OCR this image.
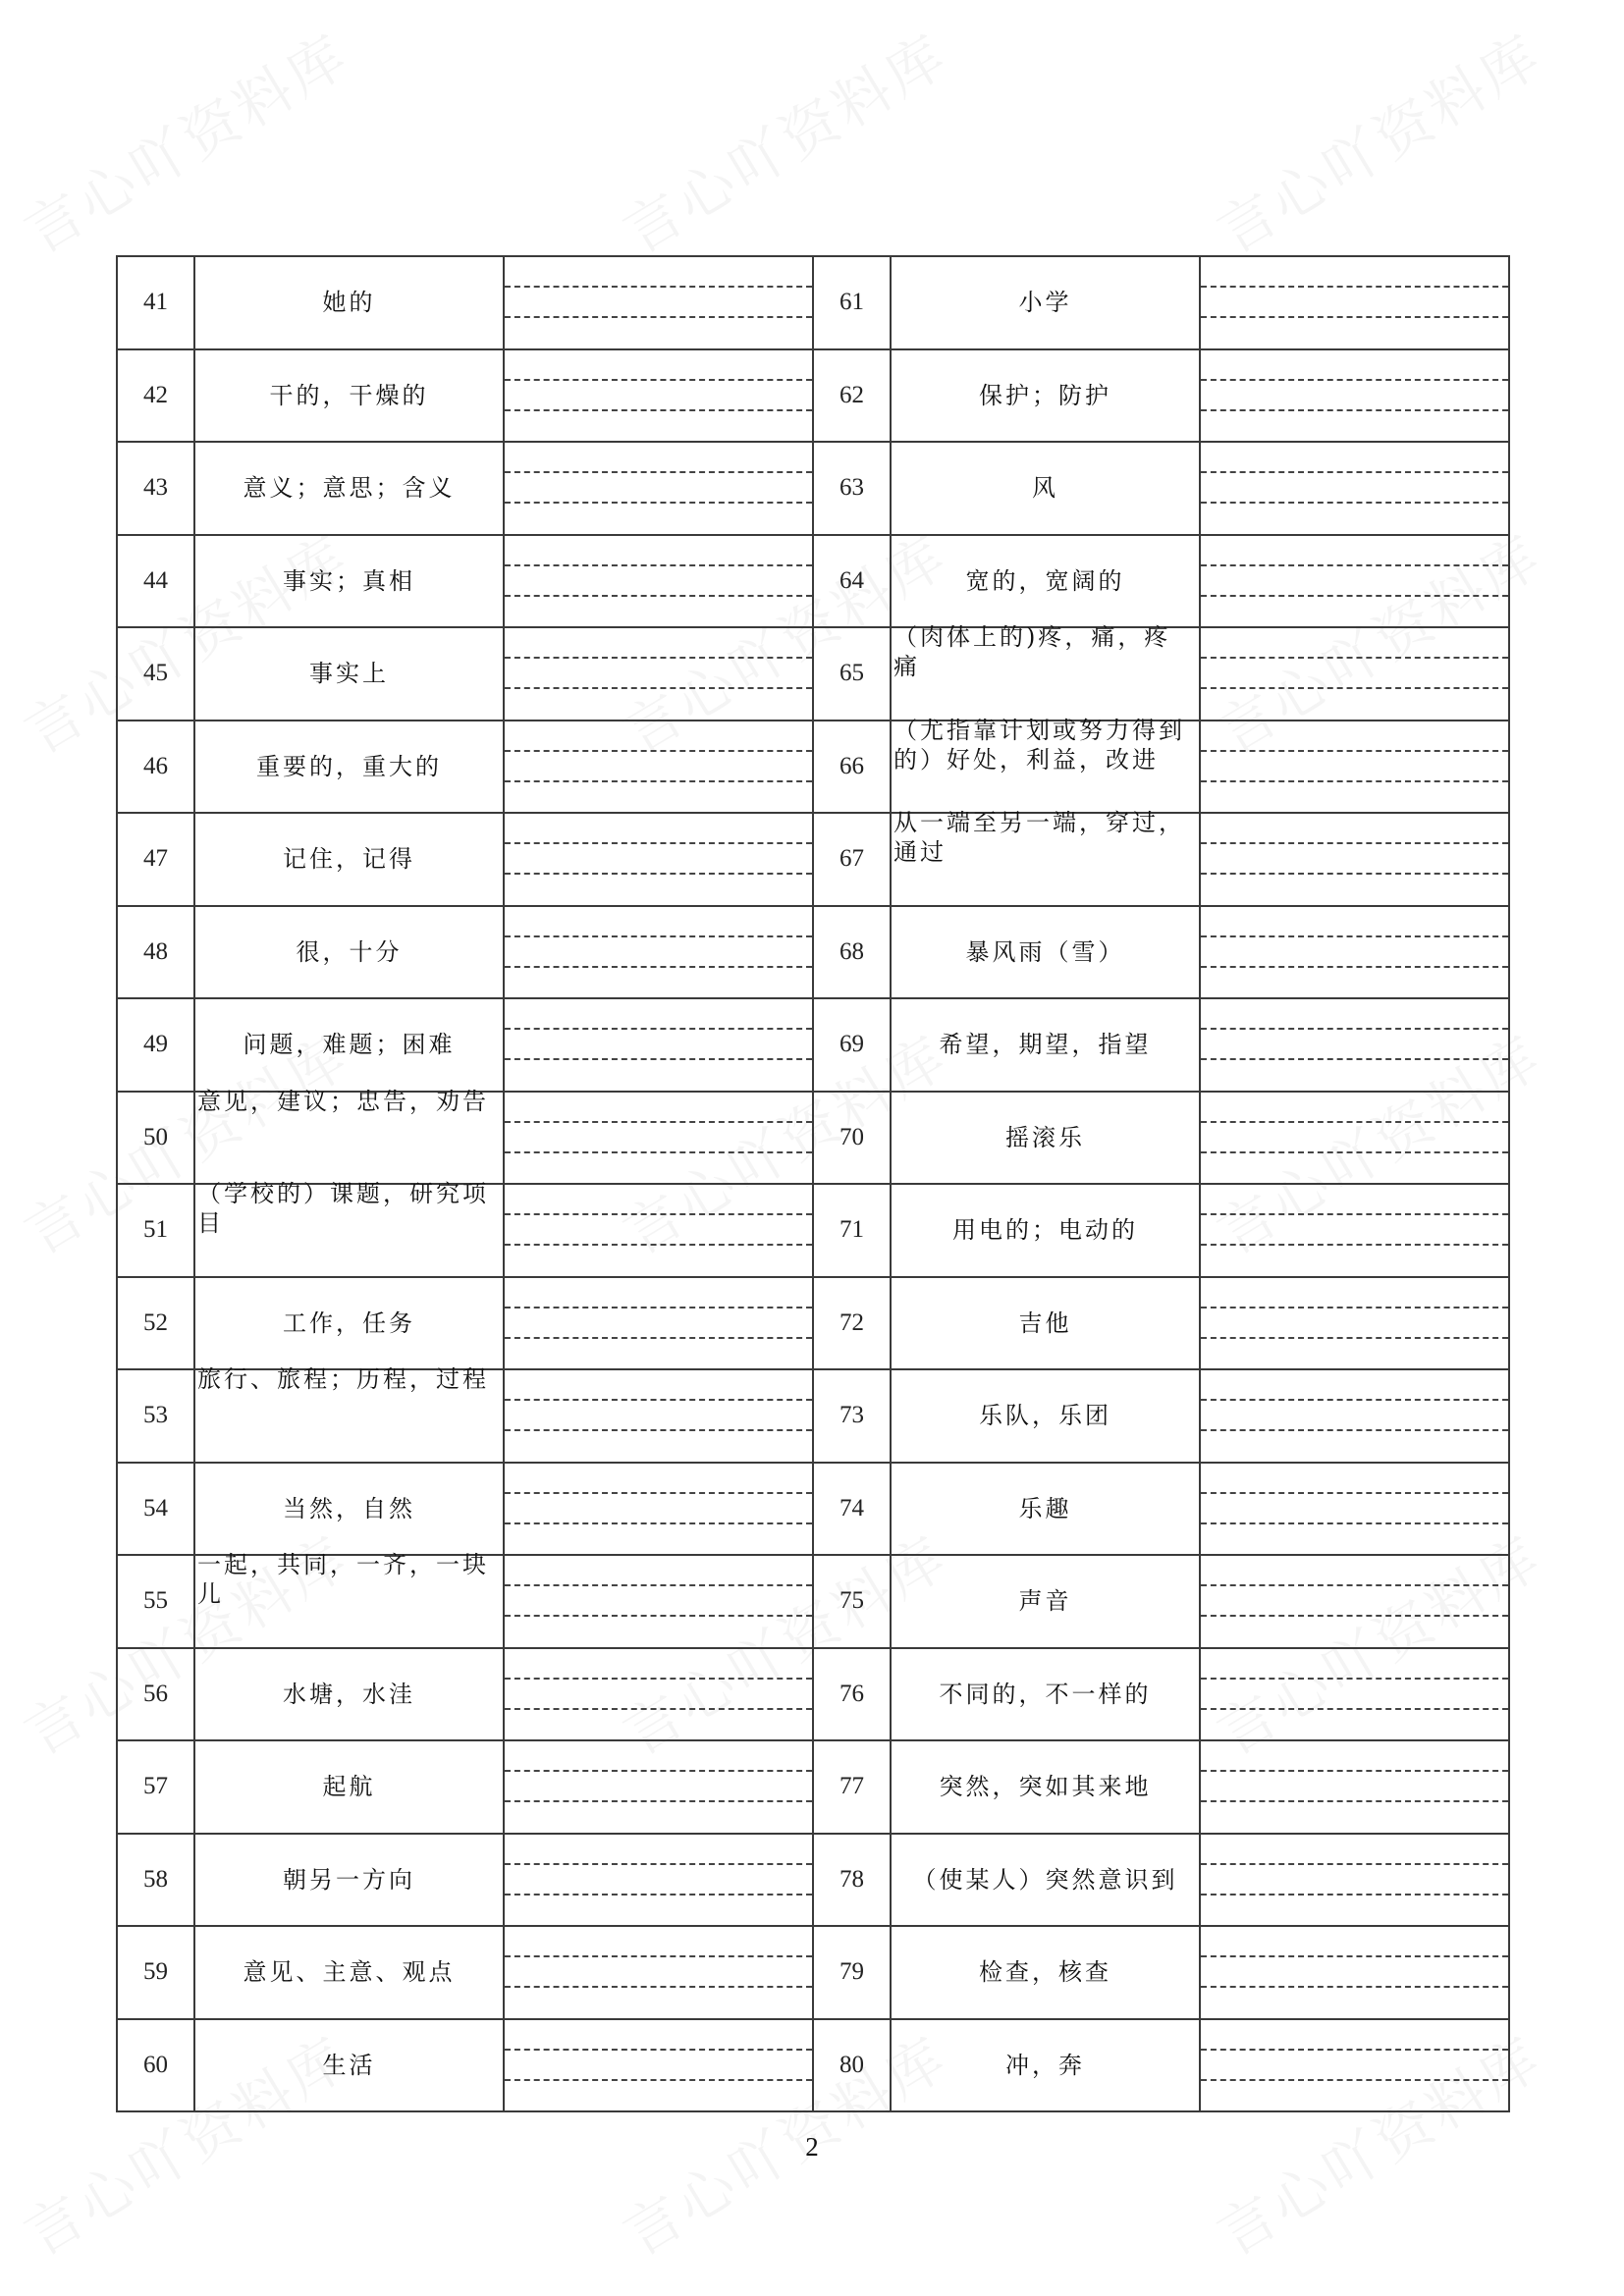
41	她的		61	小学	

42	干的，干燥的		62	保护；防护	

43	意义；意思；含义		63	风	

44	事实；真相		64	宽的，宽阔的	

45	事实上		65	（肉体上的)疼，痛，疼痛	

46	重要的，重大的		66	（尤指靠计划或努力得到的）好处，利益，改进	

47	记住，记得		67	从一端至另一端，穿过，通过	

48	很，十分		68	暴风雨（雪）	

49	问题，难题；困难		69	希望，期望，指望	

50	意见，建议；忠告，劝告		70	摇滚乐	

51	（学校的）课题，研究项目		71	用电的；电动的	

52	工作，任务		72	吉他	

53	旅行、旅程；历程，过程		73	乐队，乐团	

54	当然，自然		74	乐趣	

55	一起，共同，一齐，一块儿		75	声音	

56	水塘，水洼		76	不同的，不一样的	

57	起航		77	突然，突如其来地	

58	朝另一方向		78	（使某人）突然意识到	

59	意见、主意、观点		79	检查，核查	

60	生活		80	冲，奔	
2
